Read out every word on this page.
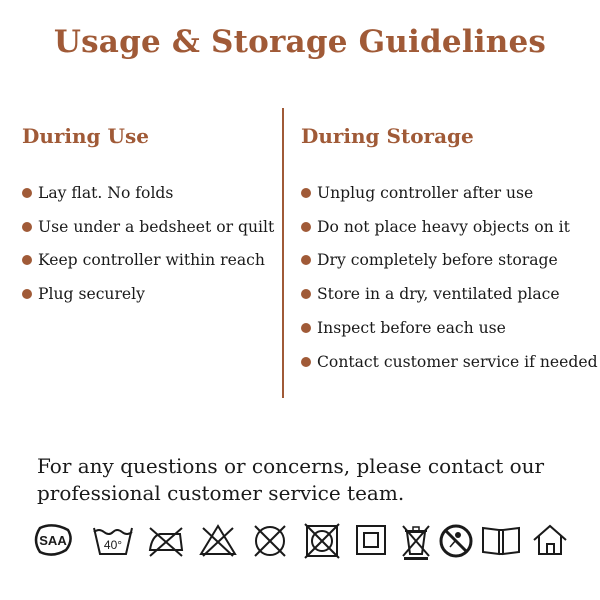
Usage & Storage Guidelines
During Use
Lay flat. No folds
Use under a bedsheet or quilt
Keep controller within reach
Plug securely
During Storage
Unplug controller after use
Do not place heavy objects on it
Dry completely before storage
Store in a dry, ventilated place
Inspect before each use
Contact customer service if needed
For any questions or concerns, please contact our professional customer service team.
SAA	40°
